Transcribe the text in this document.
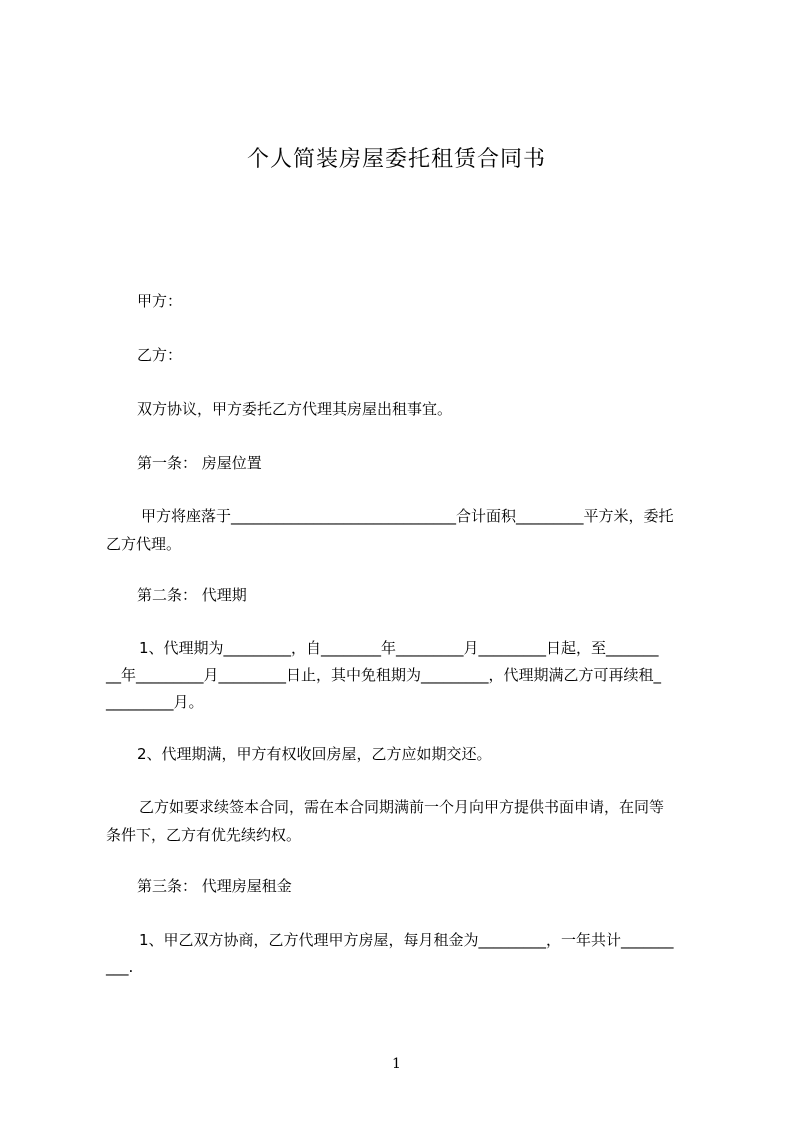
个人简装房屋委托租赁合同书
甲方：
乙方：
双方协议，甲方委托乙方代理其房屋出租事宜。
第一条： 房屋位置
甲方将座落于______________________________合计面积_________平方米，委托
乙方代理。
第二条： 代理期
1、代理期为_________，自________年_________月_________日起，至_______
__年_________月_________日止，其中免租期为_________，代理期满乙方可再续租_
_________月。
2、代理期满，甲方有权收回房屋，乙方应如期交还。
乙方如要求续签本合同，需在本合同期满前一个月向甲方提供书面申请，在同等
条件下，乙方有优先续约权。
第三条： 代理房屋租金
1、甲乙双方协商，乙方代理甲方房屋，每月租金为_________，一年共计_______
___.
1
